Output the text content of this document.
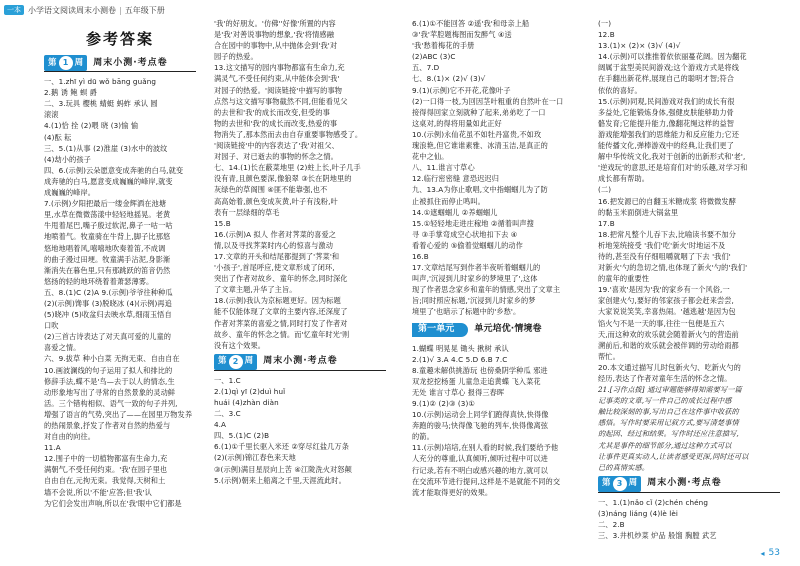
一本 小学语文阅读周末小测卷 | 五年级下册
参考答案
第 1 周 周末小测·考点卷

一、1.zhī yì dū wǒ bāng guǎng

2.鹅 诱 鲍 螟 爵

二、3.玩具 樱桃 蜻蜓 蚂蚱 承认 圆

滚滚

4.(1)恰 拴 (2)喂 晓 (3)愉 愉

(4)酝 耘

三、5.(1)从事 (2)淮崖 (3)水中的波纹

(4)劫小的孩子

四、6.(示例)云朵愿意变成奔驰的白马,就变

成奔驰的白马,愿意变成巍巍的峰岸,就变

成巍巍的峰岸。

7.(示例)夕阳把最后一缕金辉洒在池塘

里,水草在微微荡漾中轻轻地摇晃。老黄

牛甩着尾巴,嘴子殷过软泥,鼻子一咕一咕

地喷着气。牧童骑在牛背上,脚子比那悠

悠地地唱着风,嘻嘻地吹奏着笛,不成调

的曲子漫过田埂。牧童满手沾泥,身影渐

渐消失在暮色里,只有那跳跃的笛音仍然

悠扬的轻的地环绕着着萧瑟薄雾。

五、8.(1)C (2)A 9.(示例)爷爷往种种瓜

(2)(示例)馋事 (3)脱晓冰 (4)(示例)再追

(5)晓冲 (5)收盆归去映水草,细雨玉悟自

口吹

(2)三首古诗表达了对天真可爱的儿童的

喜爱之情。

六、9.拔草 种小白菜 无拘无束、自由自在

10.画波澜线的句子运用了拟人和排比的

修辞手法,蝶不是'鸟—去于以人的情态,生

动形象地写出了寻常的自然景象的灵动鲜

活。三个错构相似、语气一致的句子并列,

增强了语言的气势,突出了——在园里万物发养

的热闹景象,抒发了作者对自然的热爱与

对自由的向往。

11.A

12.围子中的一切植物都富有生命力,充

满朝气,不受任何约束。'我'在园子里也

自由自在,元拘无束。我觉得,天树和土

墙不会说,所以'不能'应答;但'我'认

为它们会发出声响,所以在'我'眼中它们都是

'我'的好朋友。'仿佛''好像'所置的内容

是'我'对善说事物的想象,'我'将情感融

合在园中的事物中,从中抛体会到'我'对

园子的热爱。

13.这文描写的园内事物都富有生命力,充

满灵气,不受任何约束,从中能体会到'我'

对园子的热爱。'阅读链接'中描写的事物

点然与这文描写事物截然不同,但能看见父

的去世和'我'的成长而改变,但受的事

物的去世和'我'的成长而改变,热爱的事

物消失了,那本然而去由自存重要事物感受了。

'阅读链接'中的内容表达了'我'对祖父、

对园子、对已逝去的事物的怀念之情。

七、14.(1)长在蔽菜地里 (2)蛀上长,叶子几手

没有青,且颜色要深,像狼翠 ③长在阴地里的

灰绿色的草阁围 ④匪不能靠强,也不

高高始着,颜色变成灰黄,叶子有浅粉,叶

表有一层绿细的草毛

15.B

16.(示例)A 拟人 作者对荠菜的喜爱之

情,以及寻找荠菜时内心的惊喜与激动

17.文章的开头和结尾都提到了'荠菜'和

'小孩子',首尾呼应,使文章形成了闭环,

突出了作者对故乡、童年的怀念,同时深化

了文章主题,升华了主旨。

18.(示例)我认为京标题更好。因为标题

能不仅能体现了文章的主要内容,还深度了

作者对荠菜的喜爱之情,同时打发了作者对

故乡、童年的怀念之情。而'忆童年时光'则

没有这个效果。

第 2 周 周末小测·考点卷

一、1.C

2.(1)qì yī (2)duì huǐ

huái (4)zhàn diàn

二、3.C

4.A

四、5.(1)C (2)B

6.(1)①千里长驱入米还 ②穿尽红盐几万条

(2)(示例)锦江春色来天地

③(示例)满目星辰向上苦 ④江陇洗火对怒颠

5.(示例)朝来上船离之千里,天涯流此时。

6.(1)①不能回答 ②遥'我'和母亲上船

③'我'苹腔题梅图而发醉气 ④送

'我'愁着梅花的手册

(2)ABC (3)C

五、7.D

七、8.(1)× (2)√ (3)√

9.(1)(示例)它不开花,花像叶子

(2)一口得一枝,为回因茎叶粗重的自然叶在一口

接得得回家立刻就种了起来,弟弟吃了一口

这桌对,的得将用量如此正好

10.(示例)永仙花虽不如牡丹富贵,不如玫

瑰浪艳,但它谁谁素雅、冰清玉洁,是真正的

花中之仙。

八、11.谁言寸草心

12.临行密密缝 意恐迟迟归

九、13.A为你止歌唱,文中指蝈蝈儿为了防

止被抓住而停止鸣叫。

14.①遮蝈蝈儿 ②养蝈蝈儿

15.①轻轻地走进庄稼地 ②循着叫声搜

寻 ③手掌弯成空心状地扣下去 ④

看着心爱的 ⑤偷着觉蝈蝈儿的动作

16.B

17.文章结尾写到作者半夜听着蝈蝈儿的

叫声,'沉浸到儿时家乡的梦境里了',这体

现了作者思念家乡和童年的情感,突出了文章主

旨;同时照应标题,'沉浸到儿时家乡的梦

境里了'也暗示了标题中的'乡愁'。

第一单元	单元培优·情境卷

1.蝴蝶 明晃晃 锄头 揪树 承认

2.(1)√ 3.A 4.C 5.D 6.B 7.C

8.童趣未解供挑游玩 也傍桑阴学种瓜 邪进

双龙挖挖杨蛋 儿童急走追黄蝶 飞入菜花

无处 谁言寸草心 报得三春晖

9.(1)② (2)③ (3)①

10.(示例)运动会上同学们跑得真快,快得像

奔跑的骏马;快得像飞驰的列车,快得像离弦

的箭。

11.(示例)培培,在别人看的时候,我们要给予他

人充分的尊重,认真倾听,倾听过程中可以进

行记录,若有不明白或感兴趣的地方,就可以

在交流环节进行提问,这样是不是就能不同的交

流才能取得更好的效果。

(一)

12.B

13.(1)× (2)× (3)√ (4)√

14.(示例)可以推推着依依丽蔓花阔。因为翻花

阔属于盆型美民间游戏;这个游戏方式是将线

在手翻出新花样,展现自己的聪明才智;符合

依依的喜好。

15.(示例)同观,民间游戏对我们的成长有很

多益处,它能锻炼身体,强健皮肤能够助力骨

骼发育;它能提升能力,像翻花绳这样的益智

游戏能增强我们的思维能力和反应能力;它还

能传播文化,弹棒游戏中的经典,让我们更了

解中华传统文化,我对于创新的出新形式和'老',

'逆戏玩'的意思,还是培育们对'的乐趣,对学习和

成长都有帮助。

(二)

16.把发源已的自翻玉米糖成浆 将微微发酵

的黏玉米面倒进大锅盆里

17.B

18.把常凡整个儿吞下去,比喻读书要不加分

析地笼统接受 '我们'吃'新火'时地运不及

待的,甚至没有仔细咀嚼就咽了下去 '我们'

对新火'勺的急切之情,也体现了新火'勺的'我们'

的童年的重要性

19.'喜欢'是因为'我'的家乡有一个风俗,一

家创建火勺,要好的邻家孩子都会赶来尝尝,

大家说说笑笑,幸喜热闹。'越逃越'是因为包

馅火勺不是一天的事,往往一包便是五六

天,而这种欢的欢乐就会随着新火勺的营造前

溯前后,和谐的欢乐就会被伴调的劳动给雨都

帮忙。

20.本文通过描写儿时包新火勺、吃新火勺的

经历,表达了作者对童年生活的怀念之情。

21.[习作点拨] 通过审题能够得知需要写一篇

记事类的文章,写一件自己的成长过程中感

触比较深刻的事,写出自己在这件事中收获的

感悟。写作时要采用记叙方式,要写清楚事情

的起因、经过和结果。写作时还应注意描写,

尤其是事件的细节部分,通过这种方式可以

让事件更真实动人,让读者感受更深,同时还可以

已的真情实感。

第 3 周 周末小测·考点卷

一、1.(1)nǎo cǐ (2)chén chéng

(3)náng liáng (4)lè lèi

二、2.B

三、3.井机炒菜 炉品 般馏 胸膛 武艺

◂ 53
